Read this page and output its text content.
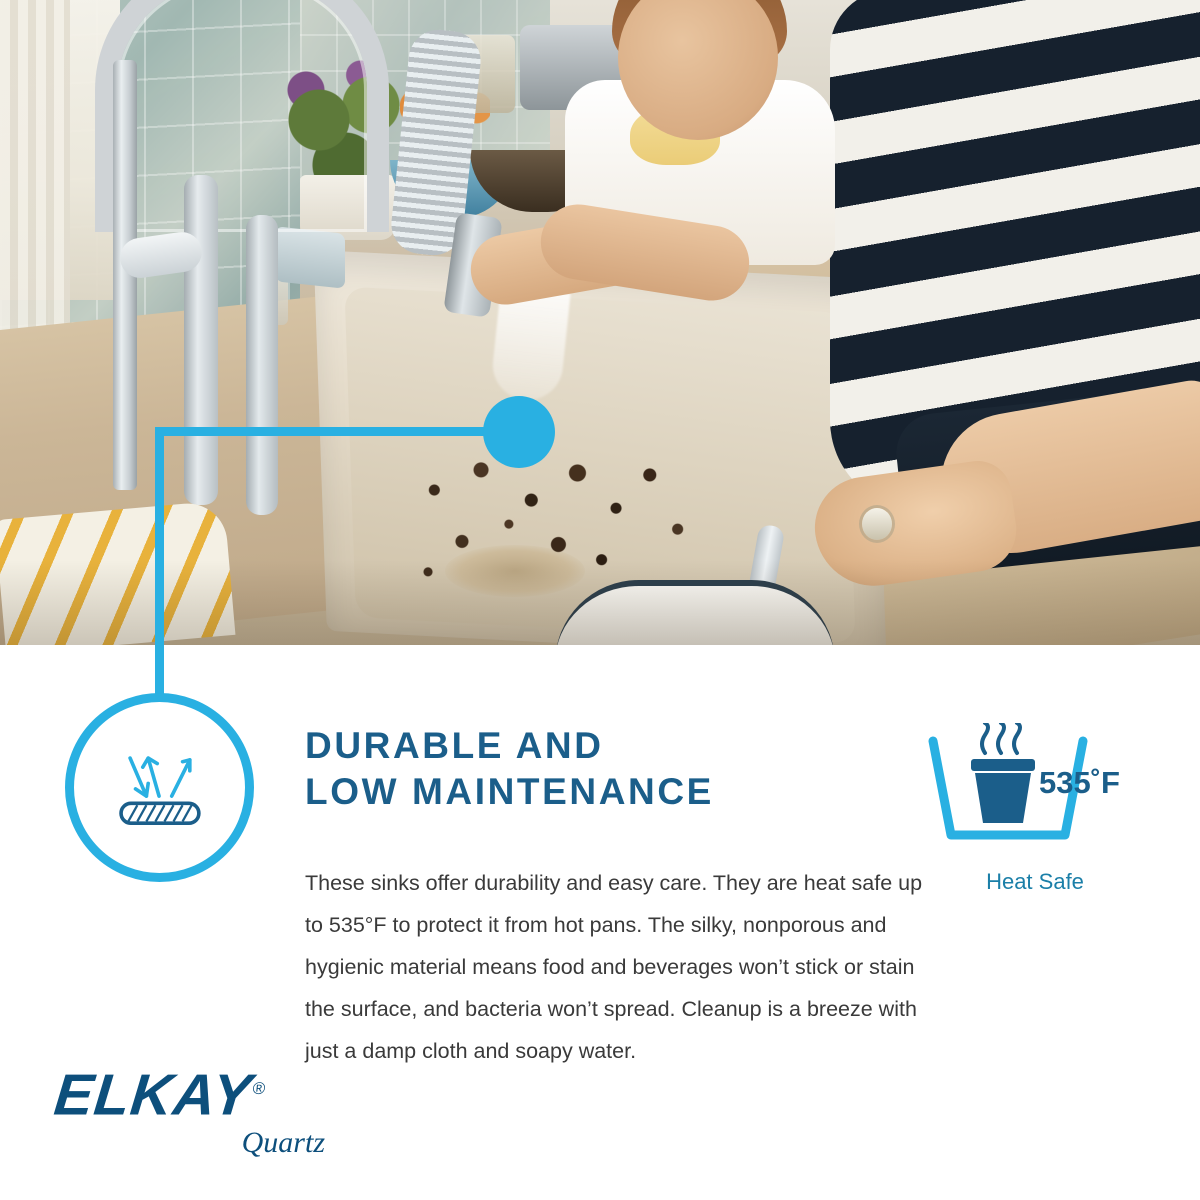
DURABLE AND
LOW MAINTENANCE

These sinks offer durability and easy care. They are heat safe up to 535°F to protect it from hot pans. The silky, nonporous and hygienic material means food and beverages won’t stick or stain the surface, and bacteria won’t spread. Cleanup is a breeze with just a damp cloth and soapy water.

535˚F
Heat Safe
ELKAY®
Quartz
